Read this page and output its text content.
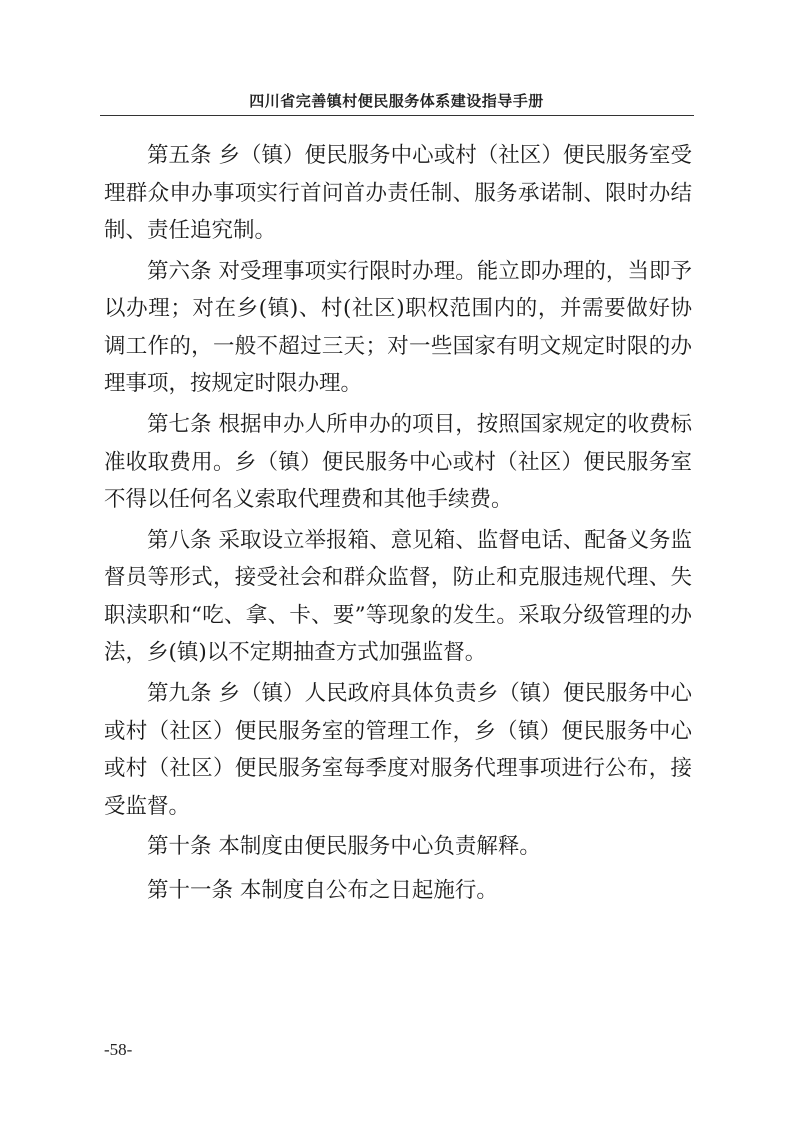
四川省完善镇村便民服务体系建设指导手册

第五条 乡（镇）便民服务中心或村（社区）便民服务室受理群众申办事项实行首问首办责任制、服务承诺制、限时办结制、责任追究制。

第六条 对受理事项实行限时办理。能立即办理的，当即予以办理；对在乡(镇)、村(社区)职权范围内的，并需要做好协调工作的，一般不超过三天；对一些国家有明文规定时限的办理事项，按规定时限办理。

第七条 根据申办人所申办的项目，按照国家规定的收费标准收取费用。乡（镇）便民服务中心或村（社区）便民服务室不得以任何名义索取代理费和其他手续费。

第八条 采取设立举报箱、意见箱、监督电话、配备义务监督员等形式，接受社会和群众监督，防止和克服违规代理、失职渎职和“吃、拿、卡、要”等现象的发生。采取分级管理的办法，乡(镇)以不定期抽查方式加强监督。

第九条 乡（镇）人民政府具体负责乡（镇）便民服务中心或村（社区）便民服务室的管理工作，乡（镇）便民服务中心或村（社区）便民服务室每季度对服务代理事项进行公布，接受监督。

第十条 本制度由便民服务中心负责解释。

第十一条 本制度自公布之日起施行。

-58-
